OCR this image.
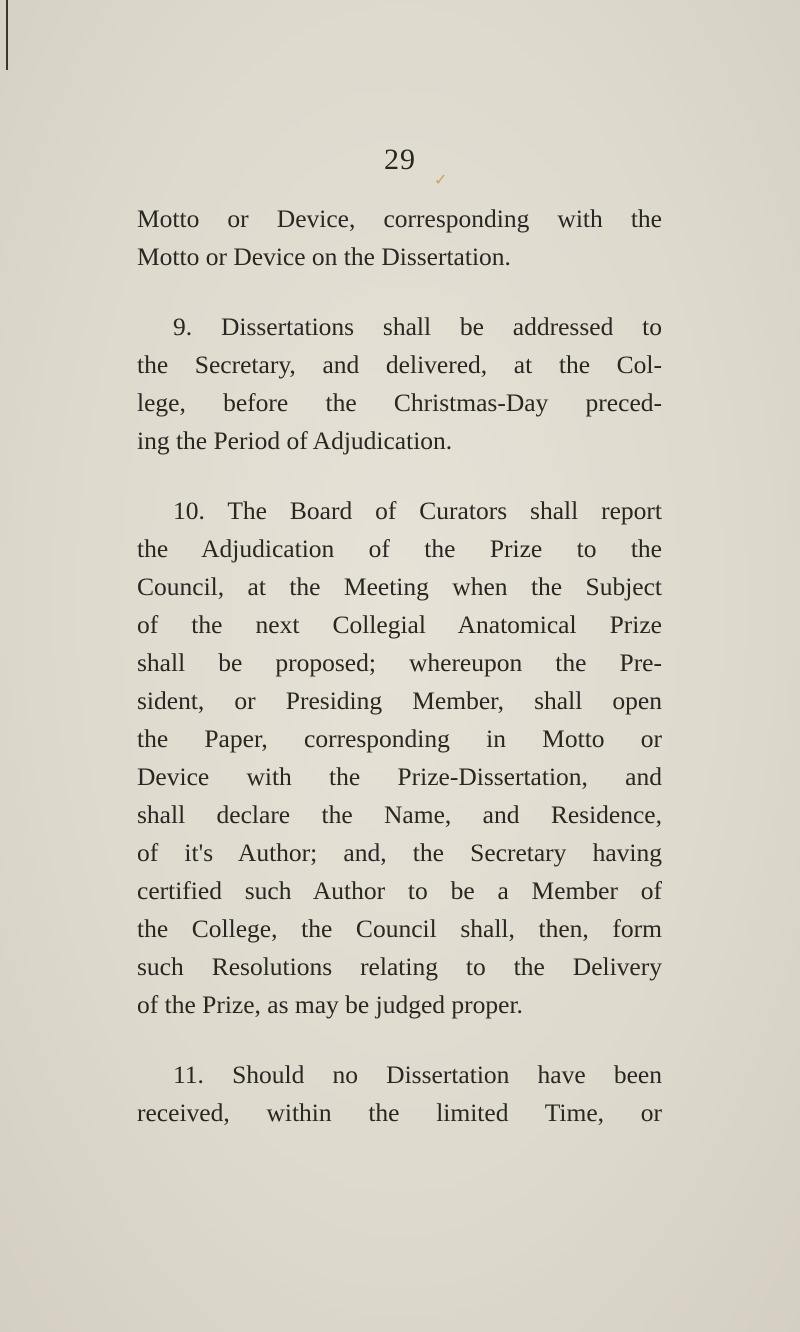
29
✓
Motto or Device, corresponding with the
Motto or Device on the Dissertation.
9. Dissertations shall be addressed to
the Secretary, and delivered, at the Col-
lege, before the Christmas-Day preced-
ing the Period of Adjudication.
10. The Board of Curators shall report
the Adjudication of the Prize to the
Council, at the Meeting when the Subject
of the next Collegial Anatomical Prize
shall be proposed; whereupon the Pre-
sident, or Presiding Member, shall open
the Paper, corresponding in Motto or
Device with the Prize-Dissertation, and
shall declare the Name, and Residence,
of it's Author; and, the Secretary having
certified such Author to be a Member of
the College, the Council shall, then, form
such Resolutions relating to the Delivery
of the Prize, as may be judged proper.
11. Should no Dissertation have been
received, within the limited Time, or
